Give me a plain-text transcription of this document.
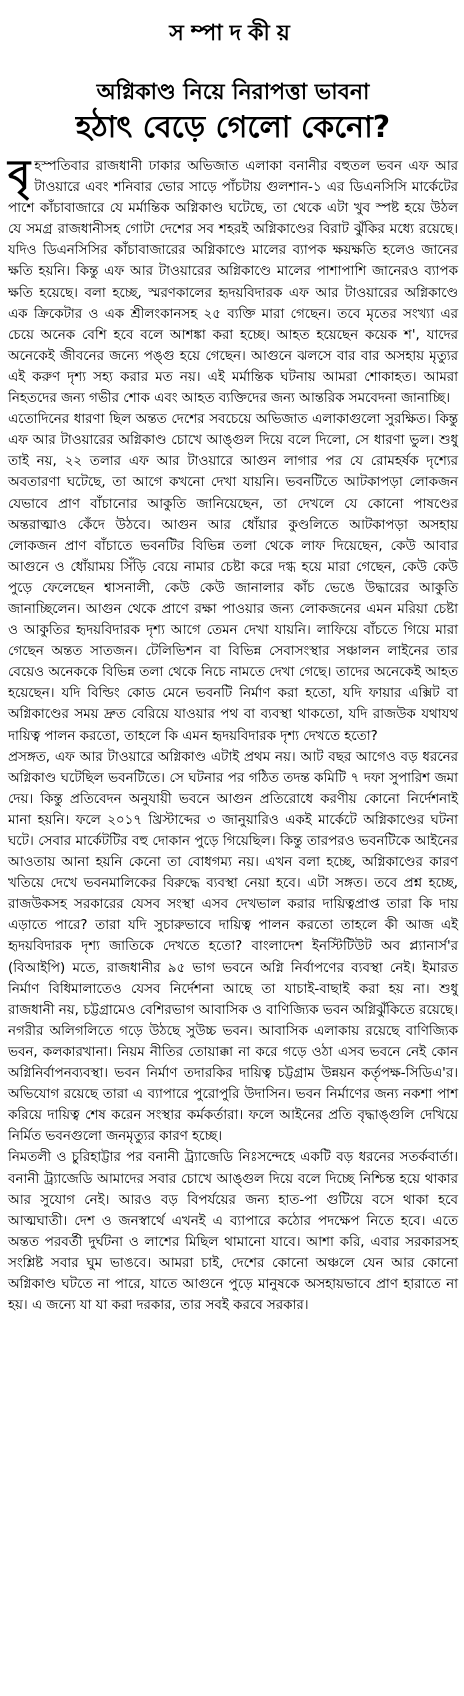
সম্পাদকীয়
অগ্নিকাণ্ড নিয়ে নিরাপত্তা ভাবনা
হঠাৎ বেড়ে গেলো কেনো?

বৃহস্পতিবার রাজধানী ঢাকার অভিজাত এলাকা বনানীর বহুতল ভবন এফ আর টাওয়ারে এবং শনিবার ভোর সাড়ে পাঁচটায় গুলশান-১ এর ডিএনসিসি মার্কেটের পাশে কাঁচাবাজারে যে মর্মান্তিক অগ্নিকাণ্ড ঘটেছে, তা থেকে এটা খুব স্পষ্ট হয়ে উঠল যে সমগ্র রাজধানীসহ গোটা দেশের সব শহরই অগ্নিকাণ্ডের বিরাট ঝুঁকির মধ্যে রয়েছে। যদিও ডিএনসিসির কাঁচাবাজারের অগ্নিকাণ্ডে মালের ব্যাপক ক্ষয়ক্ষতি হলেও জানের ক্ষতি হয়নি। কিন্তু এফ আর টাওয়ারের অগ্নিকাণ্ডে মালের পাশাপাশি জানেরও ব্যাপক ক্ষতি হয়েছে। বলা হচ্ছে, স্মরণকালের হৃদয়বিদারক এফ আর টাওয়ারের অগ্নিকাণ্ডে এক ক্রিকেটার ও এক শ্রীলংকানসহ ২৫ ব্যক্তি মারা গেছেন। তবে মৃতের সংখ্যা এর চেয়ে অনেক বেশি হবে বলে আশঙ্কা করা হচ্ছে। আহত হয়েছেন কয়েক শ', যাদের অনেকেই জীবনের জন্যে পঙ্গু হয়ে গেছেন। আগুনে ঝলসে বার বার অসহায় মৃত্যুর এই করুণ দৃশ্য সহ্য করার মত নয়। এই মর্মান্তিক ঘটনায় আমরা শোকাহত। আমরা নিহতদের জন্য গভীর শোক এবং আহত ব্যক্তিদের জন্য আন্তরিক সমবেদনা জানাচ্ছি।

এতোদিনের ধারণা ছিল অন্তত দেশের সবচেয়ে অভিজাত এলাকাগুলো সুরক্ষিত। কিন্তু এফ আর টাওয়ারের অগ্নিকাণ্ড চোখে আঙ্গুল দিয়ে বলে দিলো, সে ধারণা ভুল। শুধু তাই নয়, ২২ তলার এফ আর টাওয়ারে আগুন লাগার পর যে রোমহর্ষক দৃশ্যের অবতারণা ঘটেছে, তা আগে কখনো দেখা যায়নি। ভবনটিতে আটকাপড়া লোকজন যেভাবে প্রাণ বাঁচানোর আকুতি জানিয়েছেন, তা দেখলে যে কোনো পাষণ্ডের অন্তরাত্মাও কেঁদে উঠবে। আগুন আর ধোঁয়ার কুণ্ডলিতে আটকাপড়া অসহায় লোকজন প্রাণ বাঁচাতে ভবনটির বিভিন্ন তলা থেকে লাফ দিয়েছেন, কেউ আবার আগুনে ও ধোঁয়াময় সিঁড়ি বেয়ে নামার চেষ্টা করে দগ্ধ হয়ে মারা গেছেন, কেউ কেউ পুড়ে ফেলেছেন শ্বাসনালী, কেউ কেউ জানালার কাঁচ ভেঙে উদ্ধারের আকুতি জানাচ্ছিলেন। আগুন থেকে প্রাণে রক্ষা পাওয়ার জন্য লোকজনের এমন মরিয়া চেষ্টা ও আকুতির হৃদয়বিদারক দৃশ্য আগে তেমন দেখা যায়নি। লাফিয়ে বাঁচতে গিয়ে মারা গেছেন অন্তত সাতজন। টেলিভিশন বা বিভিন্ন সেবাসংস্থার সঞ্চালন লাইনের তার বেয়েও অনেককে বিভিন্ন তলা থেকে নিচে নামতে দেখা গেছে। তাদের অনেকেই আহত হয়েছেন। যদি বিল্ডিং কোড মেনে ভবনটি নির্মাণ করা হতো, যদি ফায়ার এক্সিট বা অগ্নিকাণ্ডের সময় দ্রুত বেরিয়ে যাওয়ার পথ বা ব্যবস্থা থাকতো, যদি রাজউক যথাযথ দায়িত্ব পালন করতো, তাহলে কি এমন হৃদয়বিদারক দৃশ্য দেখতে হতো?

প্রসঙ্গত, এফ আর টাওয়ারে অগ্নিকাণ্ড এটাই প্রথম নয়। আট বছর আগেও বড় ধরনের অগ্নিকাণ্ড ঘটেছিল ভবনটিতে। সে ঘটনার পর গঠিত তদন্ত কমিটি ৭ দফা সুপারিশ জমা দেয়। কিন্তু প্রতিবেদন অনুযায়ী ভবনে আগুন প্রতিরোধে করণীয় কোনো নির্দেশনাই মানা হয়নি। ফলে ২০১৭ খ্রিস্টাব্দের ৩ জানুয়ারিও একই মার্কেটে অগ্নিকাণ্ডের ঘটনা ঘটে। সেবার মার্কেটটির বহু দোকান পুড়ে গিয়েছিল। কিন্তু তারপরও ভবনটিকে আইনের আওতায় আনা হয়নি কেনো তা বোধগম্য নয়। এখন বলা হচ্ছে, অগ্নিকাণ্ডের কারণ খতিয়ে দেখে ভবনমালিকের বিরুদ্ধে ব্যবস্থা নেয়া হবে। এটা সঙ্গত। তবে প্রশ্ন হচ্ছে, রাজউকসহ সরকারের যেসব সংস্থা এসব দেখভাল করার দায়িত্বপ্রাপ্ত তারা কি দায় এড়াতে পারে? তারা যদি সুচারুভাবে দায়িত্ব পালন করতো তাহলে কী আজ এই হৃদয়বিদারক দৃশ্য জাতিকে দেখতে হতো? বাংলাদেশ ইনস্টিটিউট অব প্ল্যানার্স'র (বিআইপি) মতে, রাজধানীর ৯৫ ভাগ ভবনে অগ্নি নির্বাপণের ব্যবস্থা নেই। ইমারত নির্মাণ বিধিমালাতেও যেসব নির্দেশনা আছে তা যাচাই-বাছাই করা হয় না। শুধু রাজধানী নয়, চট্টগ্রামেও বেশিরভাগ আবাসিক ও বাণিজ্যিক ভবন অগ্নিঝুঁকিতে রয়েছে। নগরীর অলিগলিতে গড়ে উঠছে সুউচ্চ ভবন। আবাসিক এলাকায় রয়েছে বাণিজ্যিক ভবন, কলকারখানা। নিয়ম নীতির তোয়াক্কা না করে গড়ে ওঠা এসব ভবনে নেই কোন অগ্নিনির্বাপনব্যবস্থা। ভবন নির্মাণ তদারকির দায়িত্ব চট্টগ্রাম উন্নয়ন কর্তৃপক্ষ-সিডিএ'র। অভিযোগ রয়েছে তারা এ ব্যাপারে পুরোপুরি উদাসিন। ভবন নির্মাণের জন্য নকশা পাশ করিয়ে দায়িত্ব শেষ করেন সংস্থার কর্মকর্তারা। ফলে আইনের প্রতি বৃদ্ধাঙ্গুলি দেখিয়ে নির্মিত ভবনগুলো জনমৃত্যুর কারণ হচ্ছে।

নিমতলী ও চুরিহাট্টার পর বনানী ট্র্যাজেডি নিঃসন্দেহে একটি বড় ধরনের সতর্কবার্তা। বনানী ট্র্যাজেডি আমাদের সবার চোখে আঙ্গুল দিয়ে বলে দিচ্ছে নিশ্চিন্ত হয়ে থাকার আর সুযোগ নেই। আরও বড় বিপর্যয়ের জন্য হাত-পা গুটিয়ে বসে থাকা হবে আত্মঘাতী। দেশ ও জনস্বার্থে এখনই এ ব্যাপারে কঠোর পদক্ষেপ নিতে হবে। এতে অন্তত পরবর্তী দুর্ঘটনা ও লাশের মিছিল থামানো যাবে। আশা করি, এবার সরকারসহ সংশ্লিষ্ট সবার ঘুম ভাঙবে। আমরা চাই, দেশের কোনো অঞ্চলে যেন আর কোনো অগ্নিকাণ্ড ঘটতে না পারে, যাতে আগুনে পুড়ে মানুষকে অসহায়ভাবে প্রাণ হারাতে না হয়। এ জন্যে যা যা করা দরকার, তার সবই করবে সরকার।
